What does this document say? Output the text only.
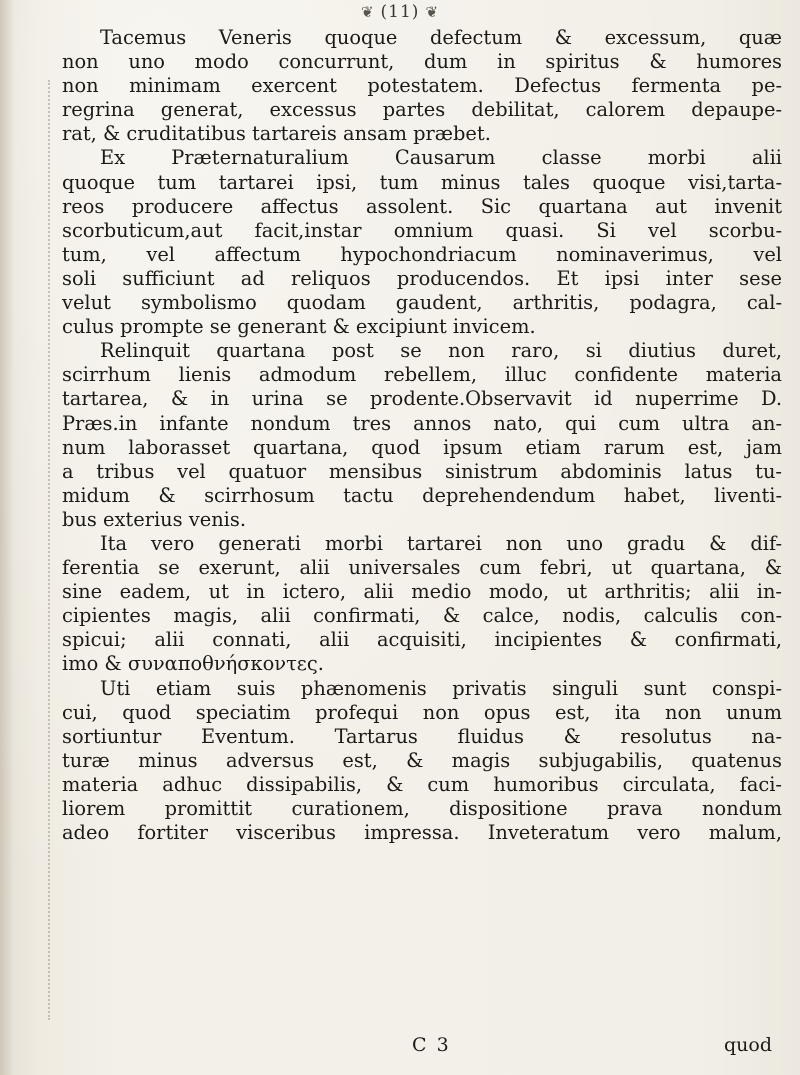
❦ (11) ❦
Tacemus Veneris quoque defectum & excessum, quæ
non uno modo concurrunt, dum in spiritus & humores
non minimam exercent potestatem. Defectus fermenta pe-
regrina generat, excessus partes debilitat, calorem depaupe-
rat, & cruditatibus tartareis ansam præbet.
Ex Præternaturalium Causarum classe morbi alii
quoque tum tartarei ipsi, tum minus tales quoque visi,tarta-
reos producere affectus assolent. Sic quartana aut invenit
scorbuticum,aut facit,instar omnium quasi. Si vel scorbu-
tum, vel affectum hypochondriacum nominaverimus, vel
soli sufficiunt ad reliquos producendos. Et ipsi inter sese
velut symbolismo quodam gaudent, arthritis, podagra, cal-
culus prompte se generant & excipiunt invicem.
Relinquit quartana post se non raro, si diutius duret,
scirrhum lienis admodum rebellem, illuc confidente materia
tartarea, & in urina se prodente.Observavit id nuperrime D.
Præs.in infante nondum tres annos nato, qui cum ultra an-
num laborasset quartana, quod ipsum etiam rarum est, jam
a tribus vel quatuor mensibus sinistrum abdominis latus tu-
midum & scirrhosum tactu deprehendendum habet, liventi-
bus exterius venis.
Ita vero generati morbi tartarei non uno gradu & dif-
ferentia se exerunt, alii universales cum febri, ut quartana, &
sine eadem, ut in ictero, alii medio modo, ut arthritis; alii in-
cipientes magis, alii confirmati, & calce, nodis, calculis con-
spicui; alii connati, alii acquisiti, incipientes & confirmati,
imo & συναποθνήσκοντες.
Uti etiam suis phænomenis privatis singuli sunt conspi-
cui, quod speciatim profequi non opus est, ita non unum
sortiuntur Eventum. Tartarus fluidus & resolutus na-
turæ minus adversus est, & magis subjugabilis, quatenus
materia adhuc dissipabilis, & cum humoribus circulata, faci-
liorem promittit curationem, dispositione prava nondum
adeo fortiter visceribus impressa. Inveteratum vero malum,
C 3	quod
